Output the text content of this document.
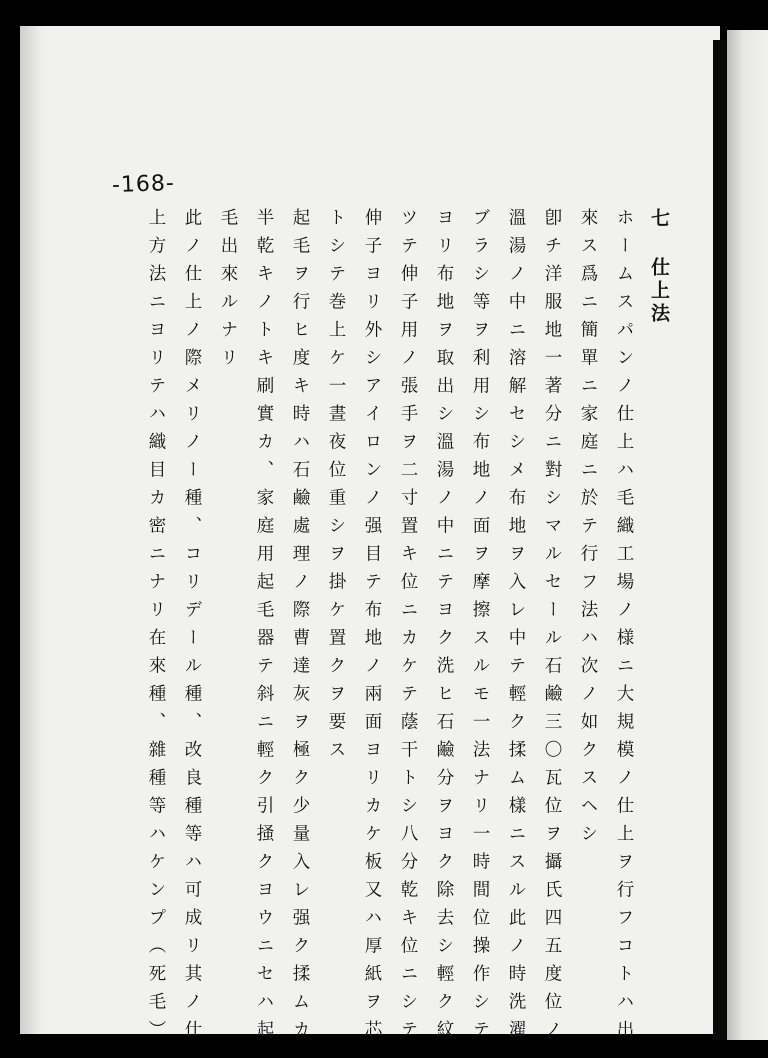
-168-
七 仕上法
ホームスパンノ仕上ハ毛織工場ノ様ニ大規模ノ仕上ヲ行フコトハ出
來ス爲ニ簡單ニ家庭ニ於テ行フ法ハ次ノ如クスヘシ
卽チ洋服地一著分ニ對シマルセール石鹼三〇瓦位ヲ攝氏四五度位ノ
溫湯ノ中ニ溶解セシメ布地ヲ入レ中テ輕ク揉ム樣ニスル此ノ時洗濯
ブラシ等ヲ利用シ布地ノ面ヲ摩擦スルモ一法ナリ一時間位操作シテ
ヨリ布地ヲ取出シ溫湯ノ中ニテヨク洗ヒ石鹼分ヲヨク除去シ輕ク紋
ツテ伸子用ノ張手ヲ二寸置キ位ニカケテ蔭干トシ八分乾キ位ニシテ
伸子ヨリ外シアイロンノ强目テ布地ノ兩面ヨリカケ板又ハ厚紙ヲ芯
トシテ巻上ケ一晝夜位重シヲ掛ケ置クヲ要ス
起毛ヲ行ヒ度キ時ハ石鹼處理ノ際曹達灰ヲ極ク少量入レ强ク揉ムカ
半乾キノトキ刷實カ、家庭用起毛器テ斜ニ輕ク引掻クヨウニセハ起
毛出來ルナリ
此ノ仕上ノ際メリノー種、コリデール種、改良種等ハ可成リ其ノ仕
上方法ニヨリテハ織目カ密ニナリ在來種、雜種等ハケンプ（死毛）
